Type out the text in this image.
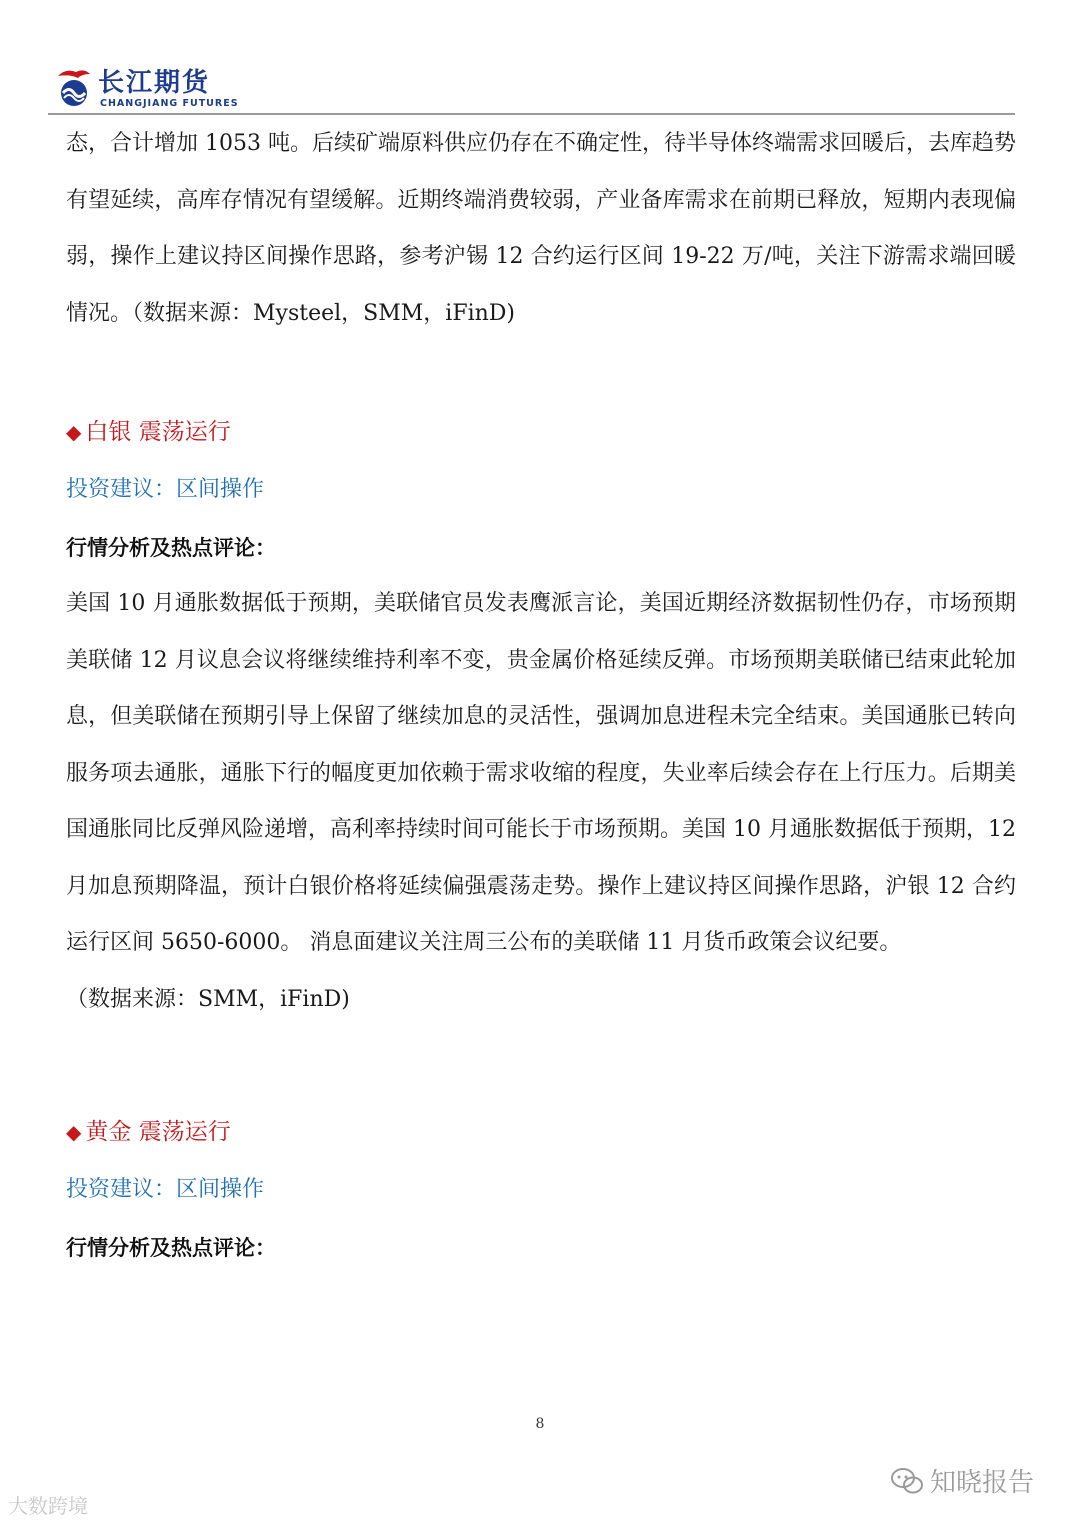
长江期货
CHANGJIANG FUTURES

态，合计增加 1053 吨。后续矿端原料供应仍存在不确定性，待半导体终端需求回暖后，去库趋势有望延续，高库存情况有望缓解。近期终端消费较弱，产业备库需求在前期已释放，短期内表现偏弱，操作上建议持区间操作思路，参考沪锡 12 合约运行区间 19-22 万/吨，关注下游需求端回暖情况。（数据来源：Mysteel，SMM，iFinD)

◆ 白银 震荡运行

投资建议：区间操作

行情分析及热点评论：

美国 10 月通胀数据低于预期，美联储官员发表鹰派言论，美国近期经济数据韧性仍存，市场预期美联储 12 月议息会议将继续维持利率不变，贵金属价格延续反弹。市场预期美联储已结束此轮加息，但美联储在预期引导上保留了继续加息的灵活性，强调加息进程未完全结束。美国通胀已转向服务项去通胀，通胀下行的幅度更加依赖于需求收缩的程度，失业率后续会存在上行压力。后期美国通胀同比反弹风险递增，高利率持续时间可能长于市场预期。美国 10 月通胀数据低于预期，12 月加息预期降温，预计白银价格将延续偏强震荡走势。操作上建议持区间操作思路，沪银 12 合约运行区间 5650-6000。 消息面建议关注周三公布的美联储 11 月货币政策会议纪要。

（数据来源：SMM，iFinD)

◆ 黄金 震荡运行

投资建议：区间操作

行情分析及热点评论：

8
大数跨境
知晓报告
